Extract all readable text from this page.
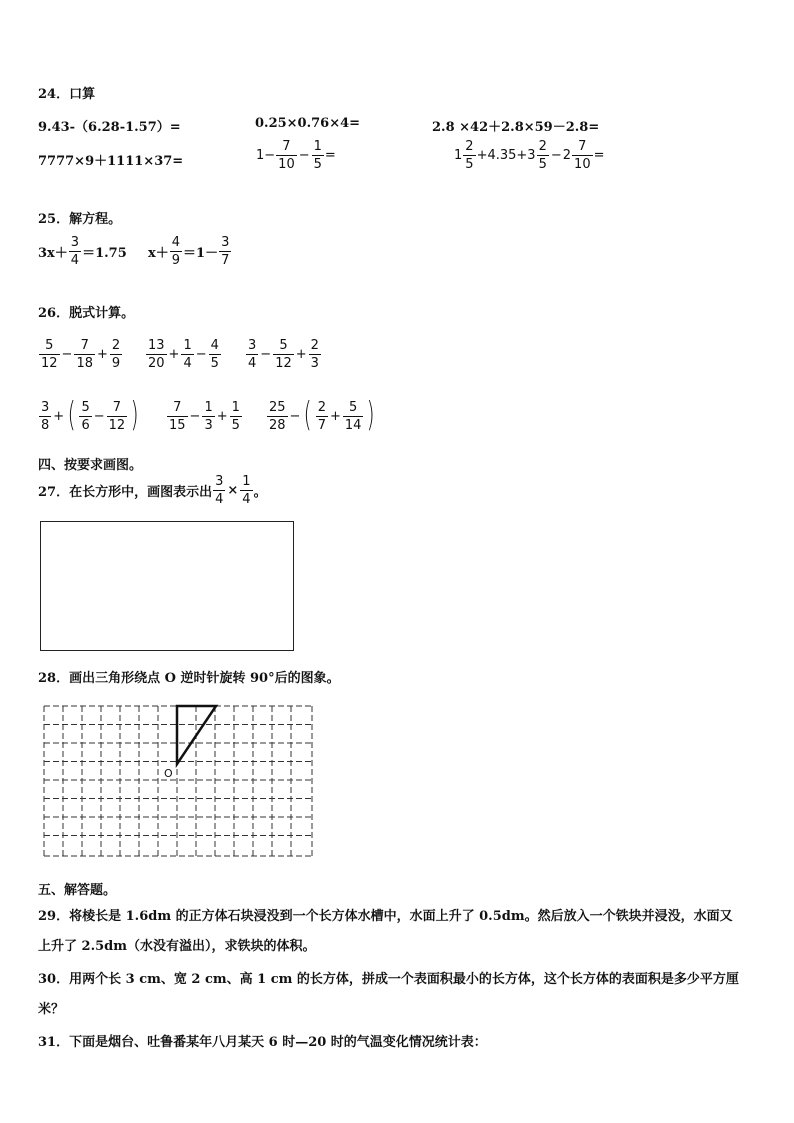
24．口算
9.43-（6.28-1.57）=	0.25×0.76×4=	2.8 ×42＋2.8×59－2.8=
7777×9＋1111×37=	$1- \frac{7}{10} - \frac{1}{5}$ =	$1 \frac{2}{5} +4.35+ 3 \frac{2}{5} - 2 \frac{7}{10}$ =
25．解方程。
$3x+ \frac{3}{4} =1.75$ $x+ \frac{4}{9} =1- \frac{3}{7}$
26．脱式计算。
$\frac{5}{12} - \frac{7}{18} + \frac{2}{9} \frac{13}{20} + \frac{1}{4} - \frac{4}{5} \frac{3}{4} - \frac{5}{12} + \frac{2}{3}$
$\frac{3}{8}$ + ( $\frac{5}{6} - \frac{7}{12}$ ) $\frac{7}{15} - \frac{1}{3} + \frac{1}{5} \frac{25}{28}$ − ( $\frac{2}{7} + \frac{5}{14}$ )
四、按要求画图。
27．在长方形中，画图表示出 $\frac{3}{4} \times \frac{1}{4}$ 。
28．画出三角形绕点 O 逆时针旋转 90°后的图象。
O
五、解答题。
29．将棱长是 1.6dm 的正方体石块浸没到一个长方体水槽中，水面上升了 0.5dm。然后放入一个铁块并浸没，水面又
上升了 2.5dm（水没有溢出），求铁块的体积。
30．用两个长 3 cm、宽 2 cm、高 1 cm 的长方体，拼成一个表面积最小的长方体，这个长方体的表面积是多少平方厘
米？
31．下面是烟台、吐鲁番某年八月某天 6 时—20 时的气温变化情况统计表：
